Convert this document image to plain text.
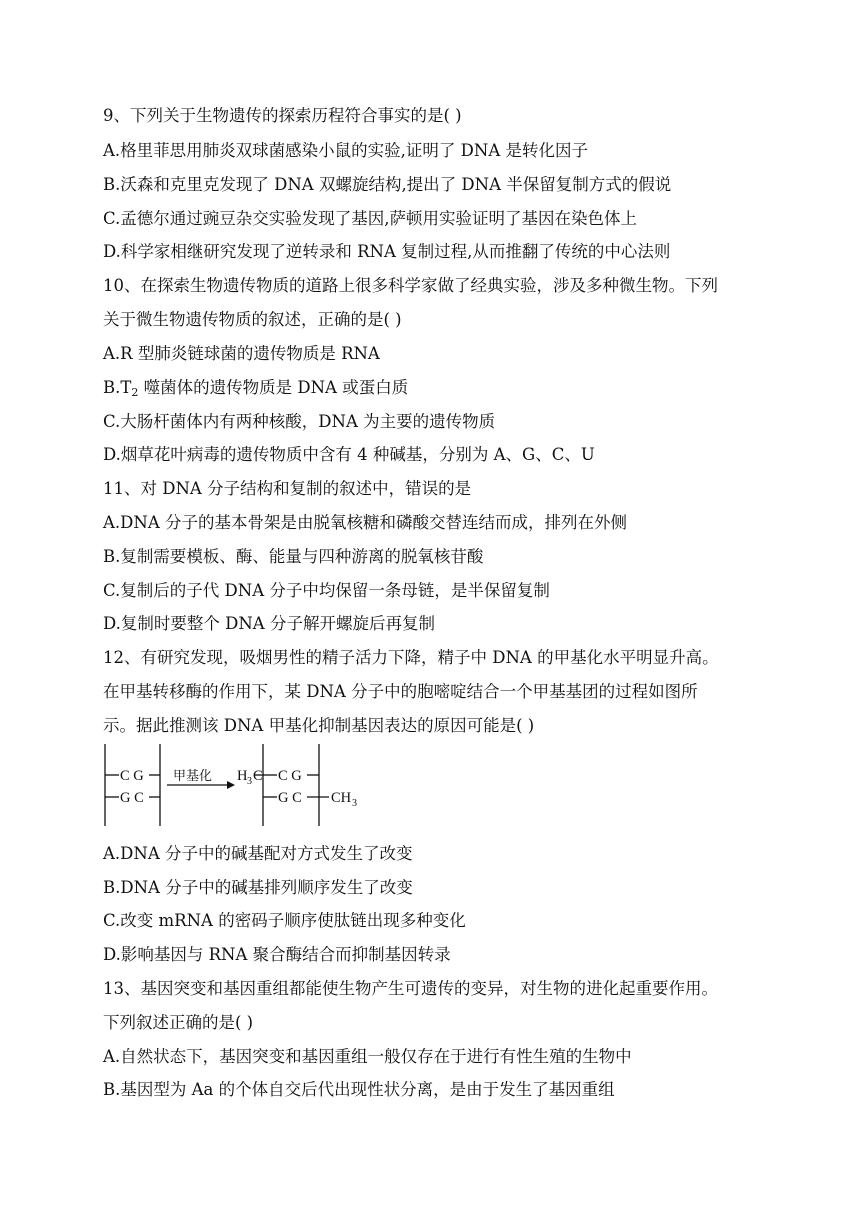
9、下列关于生物遗传的探索历程符合事实的是( )
A.格里菲思用肺炎双球菌感染小鼠的实验,证明了 DNA 是转化因子
B.沃森和克里克发现了 DNA 双螺旋结构,提出了 DNA 半保留复制方式的假说
C.孟德尔通过豌豆杂交实验发现了基因,萨顿用实验证明了基因在染色体上
D.科学家相继研究发现了逆转录和 RNA 复制过程,从而推翻了传统的中心法则
10、在探索生物遗传物质的道路上很多科学家做了经典实验，涉及多种微生物。下列
关于微生物遗传物质的叙述，正确的是( )
A.R 型肺炎链球菌的遗传物质是 RNA
$B.T_2$ 噬菌体的遗传物质是 DNA 或蛋白质
C.大肠杆菌体内有两种核酸，DNA 为主要的遗传物质
D.烟草花叶病毒的遗传物质中含有 4 种碱基，分别为 A、G、C、U
11、对 DNA 分子结构和复制的叙述中，错误的是
A.DNA 分子的基本骨架是由脱氧核糖和磷酸交替连结而成，排列在外侧
B.复制需要模板、酶、能量与四种游离的脱氧核苷酸
C.复制后的子代 DNA 分子中均保留一条母链，是半保留复制
D.复制时要整个 DNA 分子解开螺旋后再复制
12、有研究发现，吸烟男性的精子活力下降，精子中 DNA 的甲基化水平明显升高。
在甲基转移酶的作用下，某 DNA 分子中的胞嘧啶结合一个甲基基团的过程如图所
示。据此推测该 DNA 甲基化抑制基因表达的原因可能是( )
C G
G C
C G
G C
H 3 C
CH 3
甲基化
A.DNA 分子中的碱基配对方式发生了改变
B.DNA 分子中的碱基排列顺序发生了改变
C.改变 mRNA 的密码子顺序使肽链出现多种变化
D.影响基因与 RNA 聚合酶结合而抑制基因转录
13、基因突变和基因重组都能使生物产生可遗传的变异，对生物的进化起重要作用。
下列叙述正确的是( )
A.自然状态下，基因突变和基因重组一般仅存在于进行有性生殖的生物中
B.基因型为 Aa 的个体自交后代出现性状分离，是由于发生了基因重组
